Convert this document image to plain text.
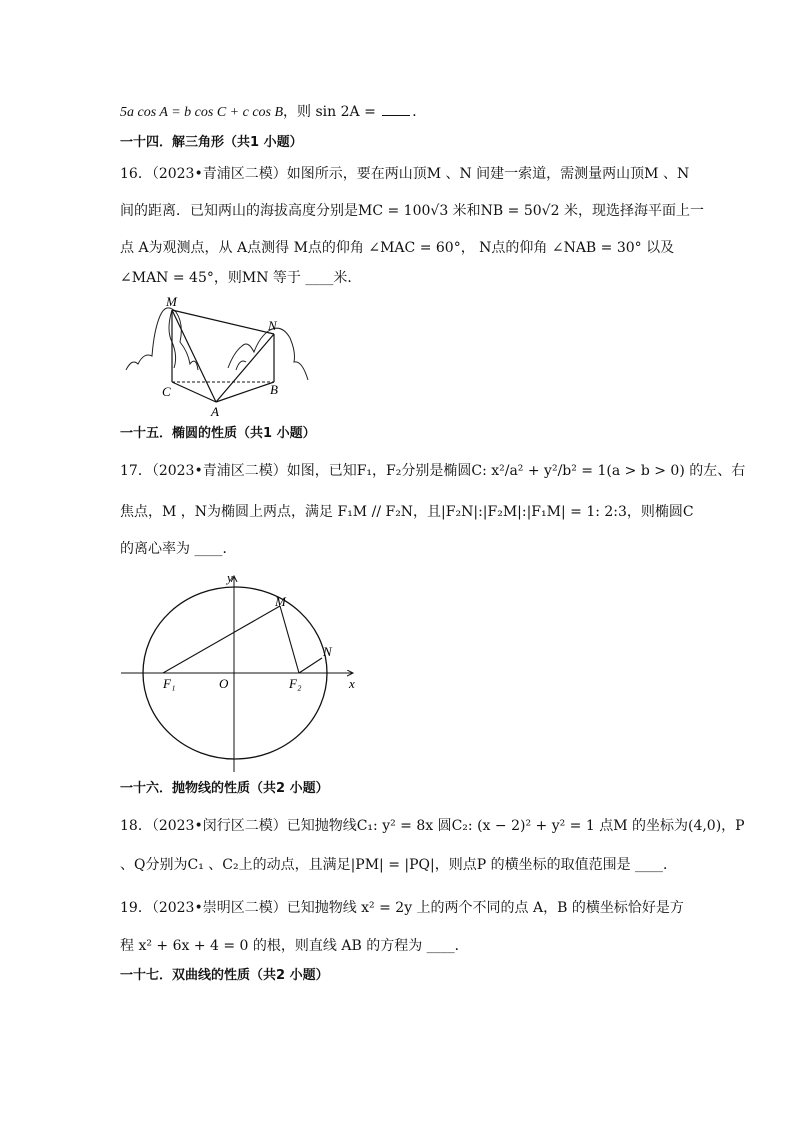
5a cos A = b cos C + c cos B，则 sin 2A = ．
一十四．解三角形（共1 小题）
16．（2023•青浦区二模）如图所示，要在两山顶M 、N 间建一索道，需测量两山顶M 、N
间的距离．已知两山的海拔高度分别是MC = 100√3 米和NB = 50√2 米，现选择海平面上一
点 A为观测点，从 A点测得 M点的仰角 ∠MAC = 60°， N点的仰角 ∠NAB = 30° 以及
∠MAN = 45°，则MN 等于 ____米．
M
N
C	B
A
一十五．椭圆的性质（共1 小题）
17．（2023•青浦区二模）如图，已知F₁，F₂分别是椭圆C: x²/a² + y²/b² = 1(a > b > 0) 的左、右
焦点，M ，N为椭圆上两点，满足 F₁M // F₂N，且|F₂N|:|F₂M|:|F₁M| = 1: 2:3，则椭圆C
的离心率为 ____．
y
x
O
F₁	F₂
M
N
一十六．抛物线的性质（共2 小题）
18．（2023•闵行区二模）已知抛物线C₁: y² = 8x 圆C₂: (x − 2)² + y² = 1 点M 的坐标为(4,0)，P
、Q分别为C₁ 、C₂上的动点，且满足|PM| = |PQ|，则点P 的横坐标的取值范围是 ____．
19．（2023•崇明区二模）已知抛物线 x² = 2y 上的两个不同的点 A，B 的横坐标恰好是方
程 x² + 6x + 4 = 0 的根，则直线 AB 的方程为 ____．
一十七．双曲线的性质（共2 小题）
